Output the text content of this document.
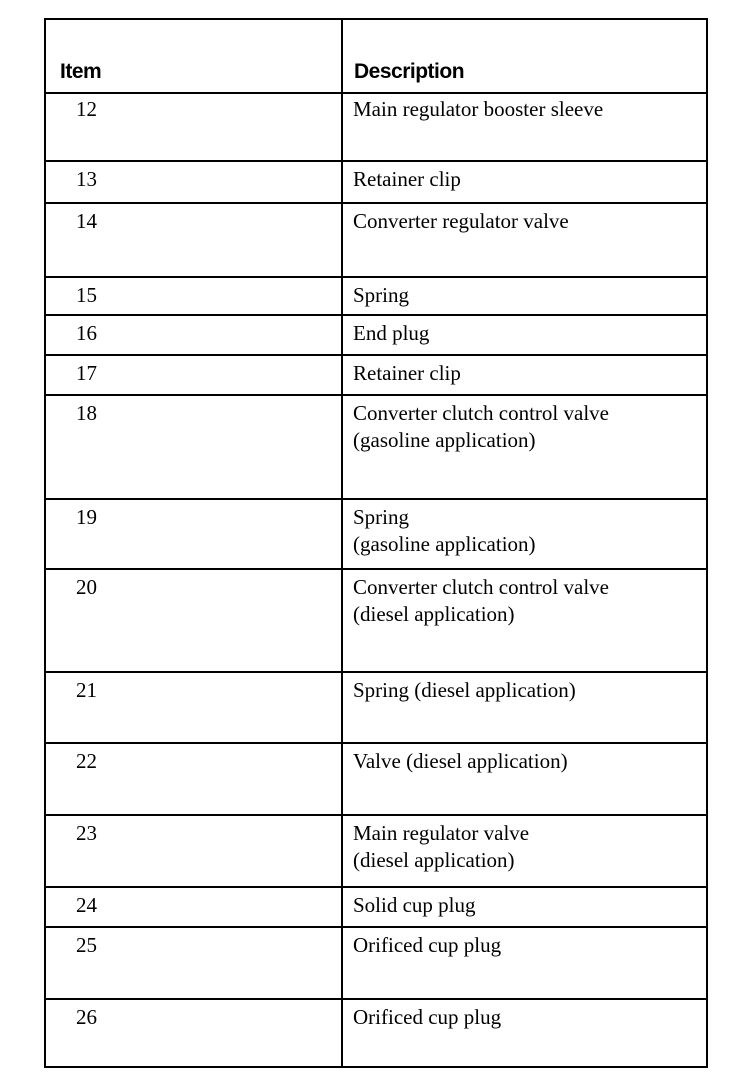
Item	Description
12	Main regulator booster sleeve
13	Retainer clip
14	Converter regulator valve
15	Spring
16	End plug
17	Retainer clip
18	Converter clutch control valve
(gasoline application)
19	Spring
(gasoline application)
20	Converter clutch control valve
(diesel application)
21	Spring (diesel application)
22	Valve (diesel application)
23	Main regulator valve
(diesel application)
24	Solid cup plug
25	Orificed cup plug
26	Orificed cup plug
